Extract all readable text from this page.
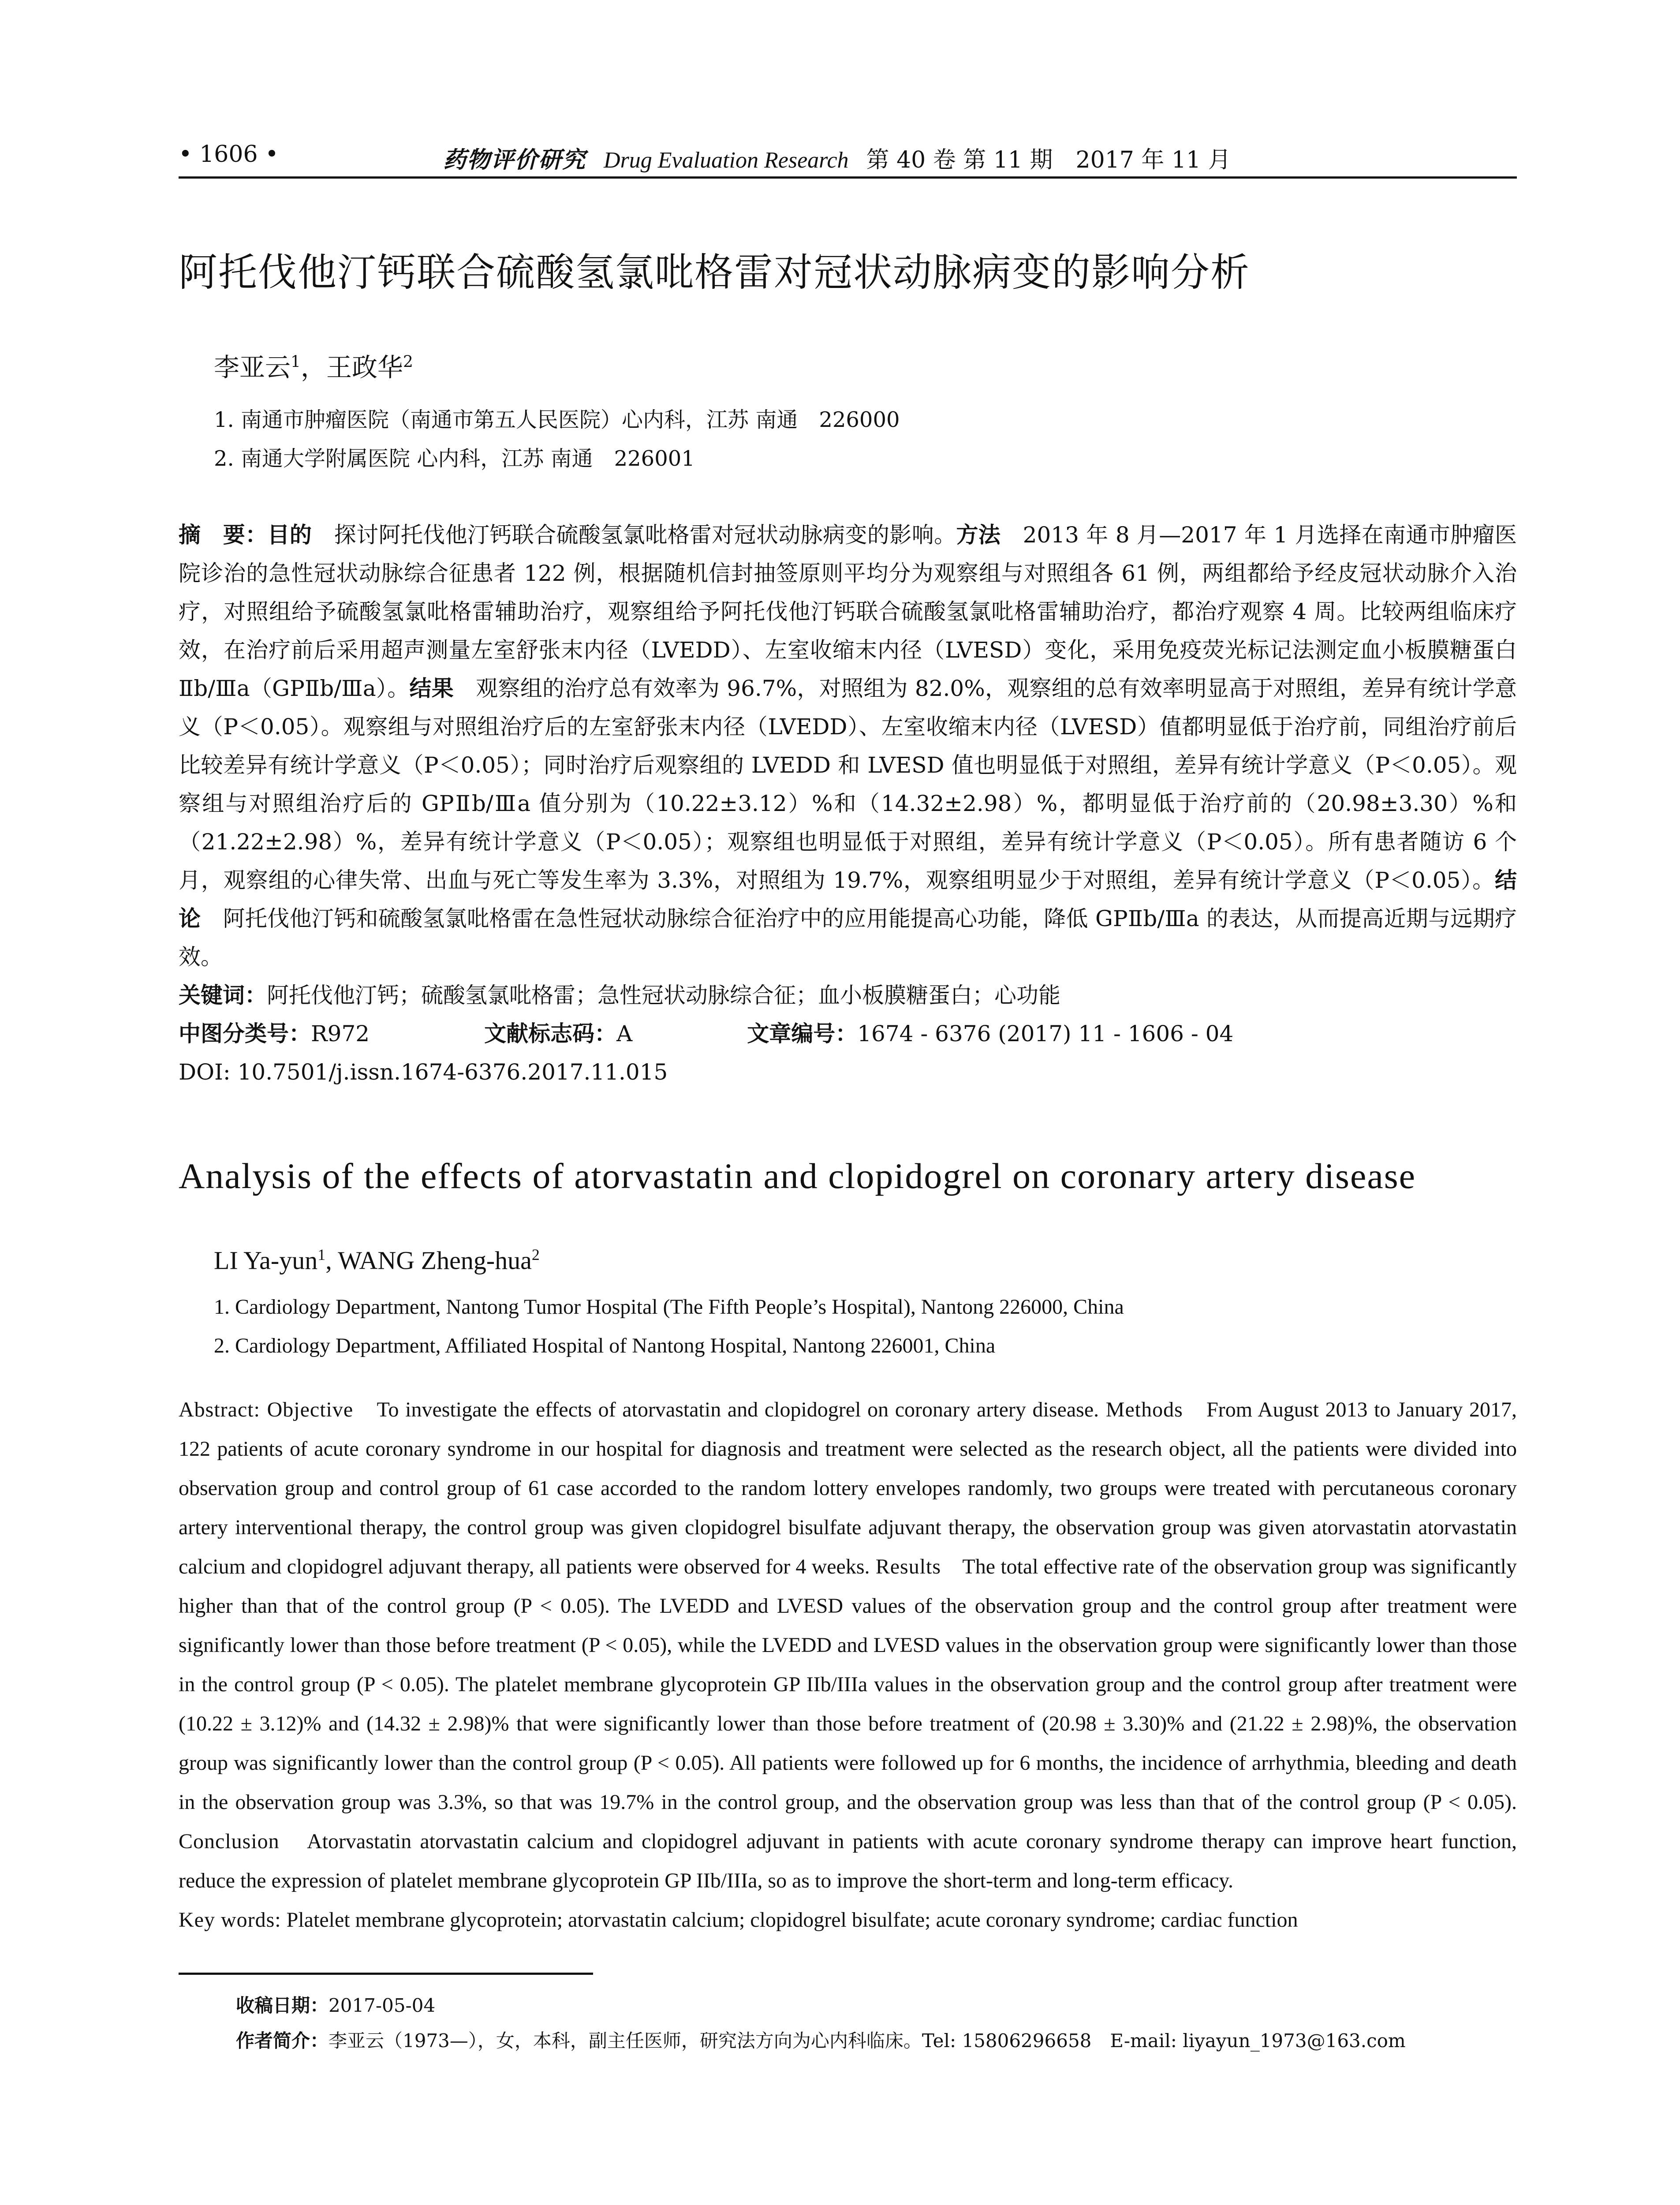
• 1606 •	药物评价研究 Drug Evaluation Research 第 40 卷 第 11 期　2017 年 11 月
阿托伐他汀钙联合硫酸氢氯吡格雷对冠状动脉病变的影响分析
李亚云$^1$，王政华$^2$
1. 南通市肿瘤医院（南通市第五人民医院）心内科，江苏 南通　226000
2. 南通大学附属医院 心内科，江苏 南通　226001
摘　要：目的　探讨阿托伐他汀钙联合硫酸氢氯吡格雷对冠状动脉病变的影响。方法　2013 年 8 月—2017 年 1 月选择在南通市肿瘤医院诊治的急性冠状动脉综合征患者 122 例，根据随机信封抽签原则平均分为观察组与对照组各 61 例，两组都给予经皮冠状动脉介入治疗，对照组给予硫酸氢氯吡格雷辅助治疗，观察组给予阿托伐他汀钙联合硫酸氢氯吡格雷辅助治疗，都治疗观察 4 周。比较两组临床疗效，在治疗前后采用超声测量左室舒张末内径（LVEDD）、左室收缩末内径（LVESD）变化，采用免疫荧光标记法测定血小板膜糖蛋白Ⅱb/Ⅲa（GPⅡb/Ⅲa）。结果　观察组的治疗总有效率为 96.7%，对照组为 82.0%，观察组的总有效率明显高于对照组，差异有统计学意义（P＜0.05）。观察组与对照组治疗后的左室舒张末内径（LVEDD）、左室收缩末内径（LVESD）值都明显低于治疗前，同组治疗前后比较差异有统计学意义（P＜0.05）；同时治疗后观察组的 LVEDD 和 LVESD 值也明显低于对照组，差异有统计学意义（P＜0.05）。观察组与对照组治疗后的 GPⅡb/Ⅲa 值分别为（10.22±3.12）%和（14.32±2.98）%，都明显低于治疗前的（20.98±3.30）%和（21.22±2.98）%，差异有统计学意义（P＜0.05）；观察组也明显低于对照组，差异有统计学意义（P＜0.05）。所有患者随访 6 个月，观察组的心律失常、出血与死亡等发生率为 3.3%，对照组为 19.7%，观察组明显少于对照组，差异有统计学意义（P＜0.05）。结论　阿托伐他汀钙和硫酸氢氯吡格雷在急性冠状动脉综合征治疗中的应用能提高心功能，降低 GPⅡb/Ⅲa 的表达，从而提高近期与远期疗效。
关键词：阿托伐他汀钙；硫酸氢氯吡格雷；急性冠状动脉综合征；血小板膜糖蛋白；心功能
中图分类号：R972	文献标志码：A	文章编号：1674 - 6376 (2017) 11 - 1606 - 04
DOI: 10.7501/j.issn.1674-6376.2017.11.015
Analysis of the effects of atorvastatin and clopidogrel on coronary artery disease
LI Ya-yun$^1$, WANG Zheng-hua$^2$
1. Cardiology Department, Nantong Tumor Hospital (The Fifth People’s Hospital), Nantong 226000, China
2. Cardiology Department, Affiliated Hospital of Nantong Hospital, Nantong 226001, China
Abstract: Objective　To investigate the effects of atorvastatin and clopidogrel on coronary artery disease. Methods　From August 2013 to January 2017, 122 patients of acute coronary syndrome in our hospital for diagnosis and treatment were selected as the research object, all the patients were divided into observation group and control group of 61 case accorded to the random lottery envelopes randomly, two groups were treated with percutaneous coronary artery interventional therapy, the control group was given clopidogrel bisulfate adjuvant therapy, the observation group was given atorvastatin atorvastatin calcium and clopidogrel adjuvant therapy, all patients were observed for 4 weeks. Results　The total effective rate of the observation group was significantly higher than that of the control group (P < 0.05). The LVEDD and LVESD values of the observation group and the control group after treatment were significantly lower than those before treatment (P < 0.05), while the LVEDD and LVESD values in the observation group were significantly lower than those in the control group (P < 0.05). The platelet membrane glycoprotein GP IIb/IIIa values in the observation group and the control group after treatment were (10.22 ± 3.12)% and (14.32 ± 2.98)% that were significantly lower than those before treatment of (20.98 ± 3.30)% and (21.22 ± 2.98)%, the observation group was significantly lower than the control group (P < 0.05). All patients were followed up for 6 months, the incidence of arrhythmia, bleeding and death in the observation group was 3.3%, so that was 19.7% in the control group, and the observation group was less than that of the control group (P < 0.05). Conclusion　Atorvastatin atorvastatin calcium and clopidogrel adjuvant in patients with acute coronary syndrome therapy can improve heart function, reduce the expression of platelet membrane glycoprotein GP IIb/IIIa, so as to improve the short-term and long-term efficacy.
Key words: Platelet membrane glycoprotein; atorvastatin calcium; clopidogrel bisulfate; acute coronary syndrome; cardiac function
收稿日期：2017-05-04
作者简介：李亚云（1973—），女，本科，副主任医师，研究法方向为心内科临床。Tel: 15806296658　E-mail: liyayun_1973@163.com
